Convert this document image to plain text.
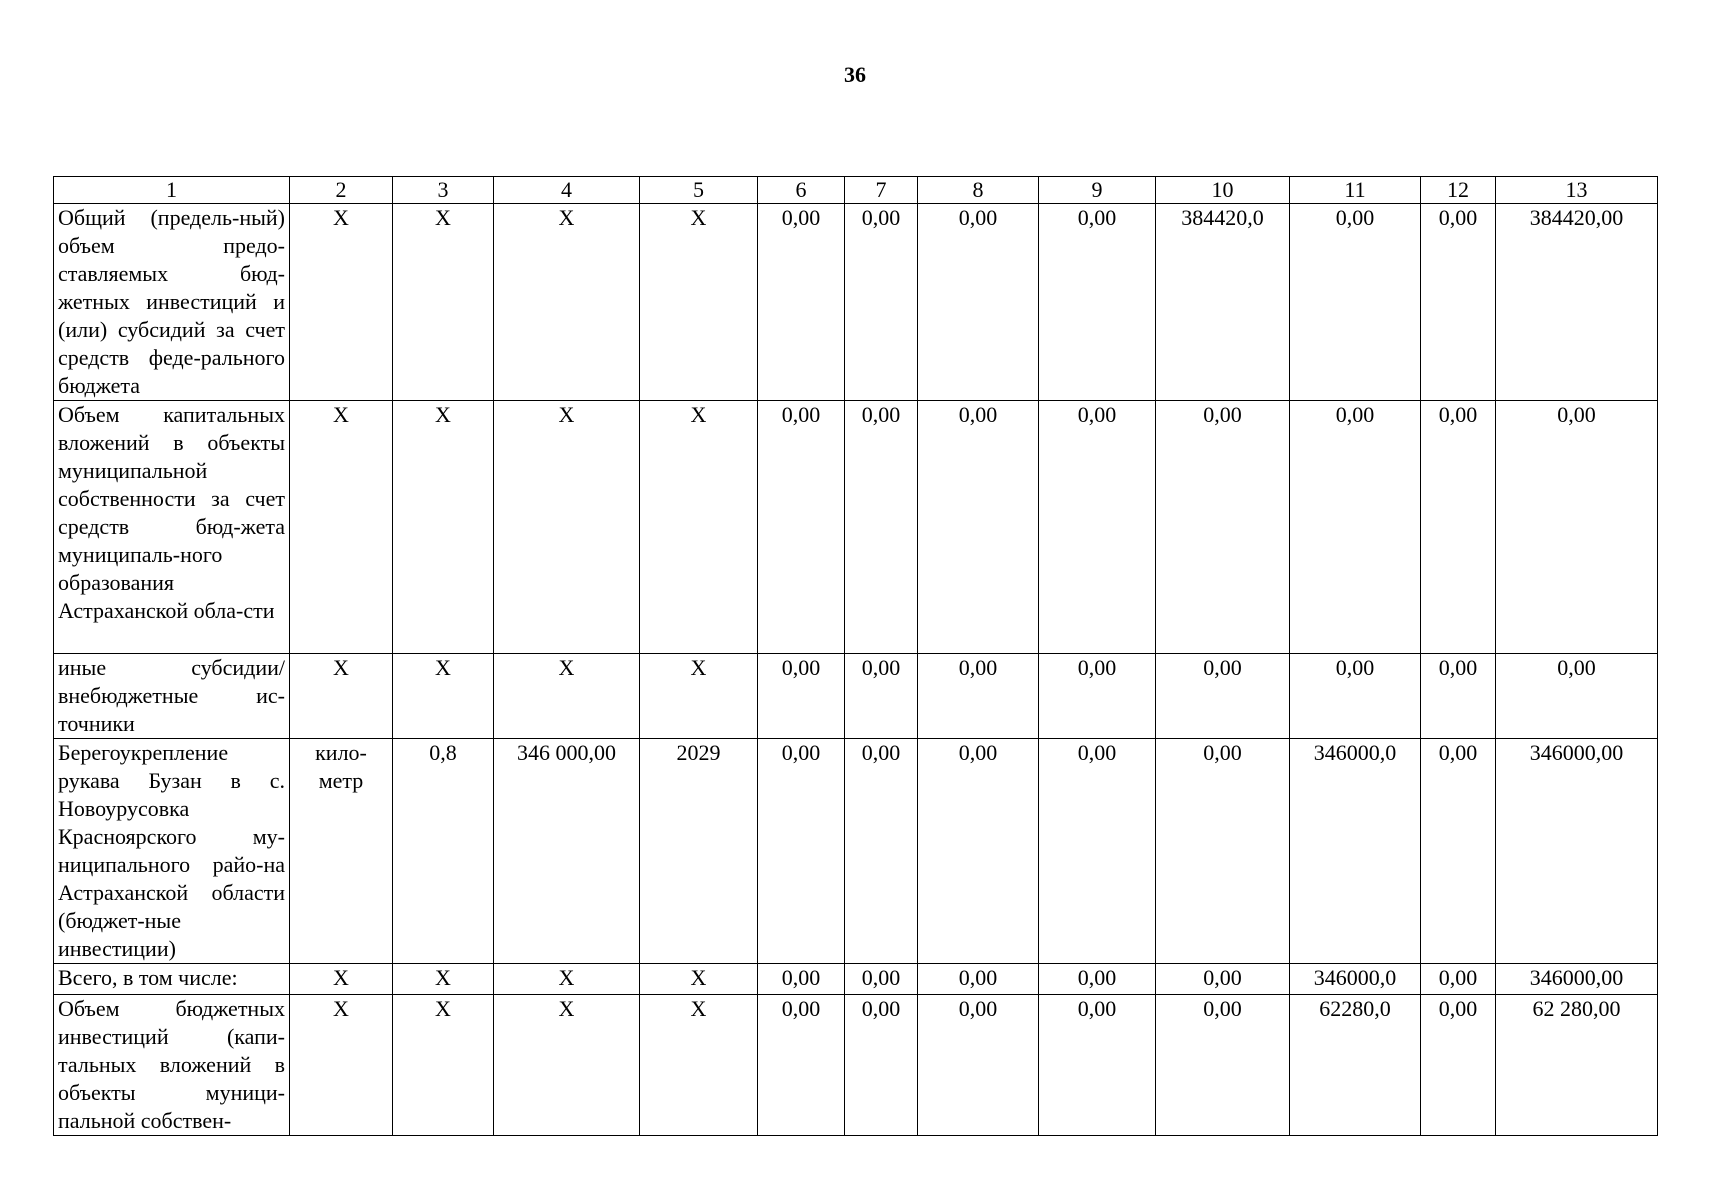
36
1	2	3	4	5	6	7	8	9	10	11	12	13
Общий (предель-ный) объем предо-ставляемых бюд-жетных инвестиций и (или) субсидий за счет средств феде-рального бюджета	X	X	X	X	0,00	0,00	0,00	0,00	384420,0	0,00	0,00	384420,00
Объем капитальных вложений в объекты муниципальной собственности за счет средств бюд-жета муниципаль-ного образования Астраханской обла-сти	X	X	X	X	0,00	0,00	0,00	0,00	0,00	0,00	0,00	0,00
иные субсидии/ внебюджетные ис-точники	X	X	X	X	0,00	0,00	0,00	0,00	0,00	0,00	0,00	0,00
Берегоукрепление рукава Бузан в с. Новоурусовка Красноярского му-ниципального райо-на Астраханской области (бюджет-ные инвестиции)	кило-метр	0,8	346 000,00	2029	0,00	0,00	0,00	0,00	0,00	346000,0	0,00	346000,00
Всего, в том числе:	X	X	X	X	0,00	0,00	0,00	0,00	0,00	346000,0	0,00	346000,00
Объем бюджетных инвестиций (капи-тальных вложений в объекты муници-пальной собствен-	X	X	X	X	0,00	0,00	0,00	0,00	0,00	62280,0	0,00	62 280,00
